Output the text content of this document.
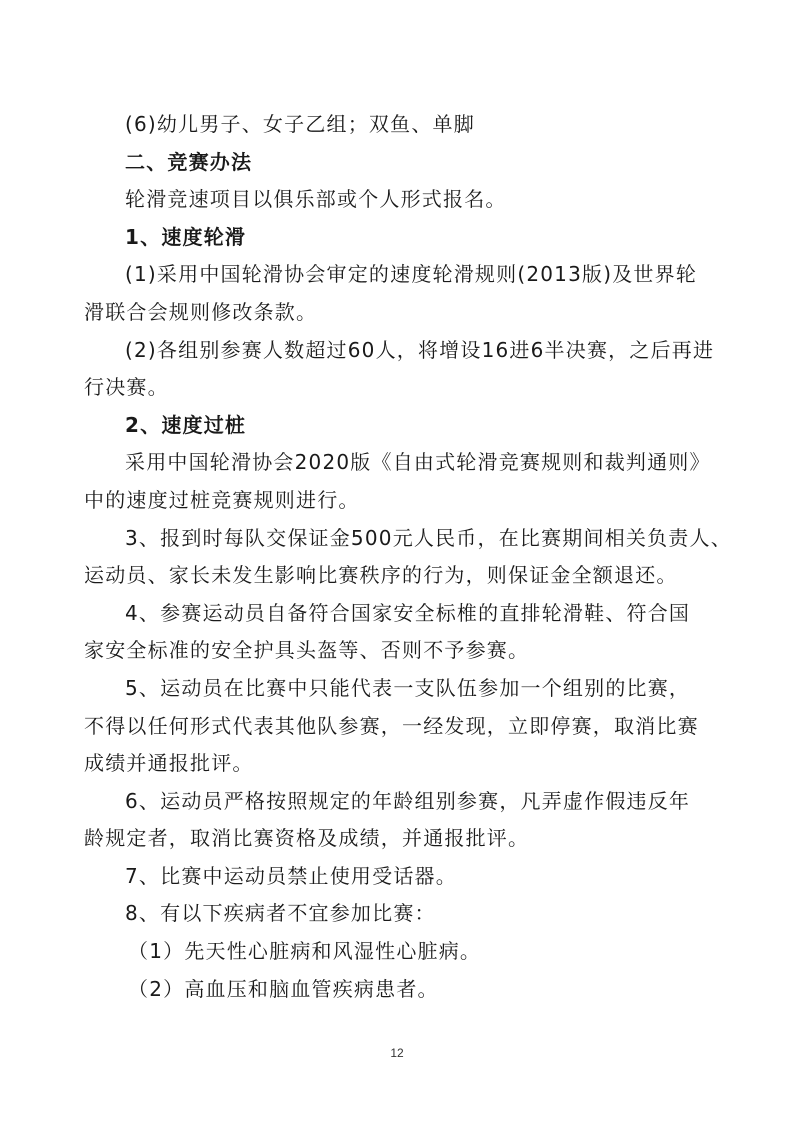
(6)幼儿男子、女子乙组；双鱼、单脚
二、竞赛办法
轮滑竞速项目以俱乐部或个人形式报名。
1、速度轮滑
(1)采用中国轮滑协会审定的速度轮滑规则(2013版)及世界轮
滑联合会规则修改条款。
(2)各组别参赛人数超过60人，将增设16进6半决赛，之后再进
行决赛。
2、速度过桩
采用中国轮滑协会2020版《自由式轮滑竞赛规则和裁判通则》
中的速度过桩竞赛规则进行。
3、报到时每队交保证金500元人民币，在比赛期间相关负责人、
运动员、家长未发生影响比赛秩序的行为，则保证金全额退还。
4、参赛运动员自备符合国家安全标椎的直排轮滑鞋、符合国
家安全标准的安全护具头盔等、否则不予参赛。
5、运动员在比赛中只能代表一支队伍参加一个组别的比赛，
不得以任何形式代表其他队参赛，一经发现，立即停赛，取消比赛
成绩并通报批评。
6、运动员严格按照规定的年龄组别参赛，凡弄虚作假违反年
龄规定者，取消比赛资格及成绩，并通报批评。
7、比赛中运动员禁止使用受话器。
8、有以下疾病者不宜参加比赛：
（1）先天性心脏病和风湿性心脏病。
（2）高血压和脑血管疾病患者。
12
